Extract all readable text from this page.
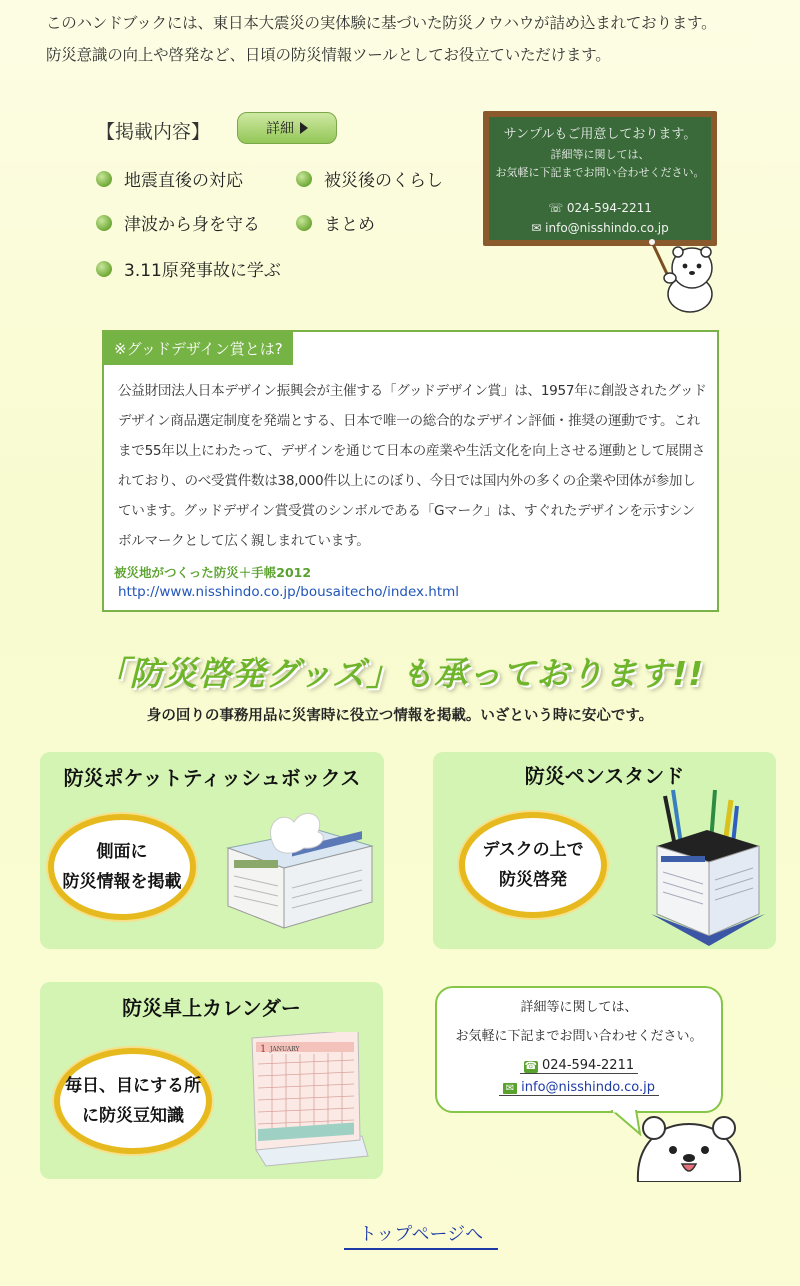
このハンドブックには、東日本大震災の実体験に基づいた防災ノウハウが詰め込まれております。
防災意識の向上や啓発など、日頃の防災情報ツールとしてお役立ていただけます。
【掲載内容】	詳細
地震直後の対応	被災後のくらし
津波から身を守る	まとめ
3.11原発事故に学ぶ
サンプルもご用意しております。
詳細等に関しては、
お気軽に下記までお問い合わせください。
☏ 024-594-2211
✉ info@nisshindo.co.jp
※グッドデザイン賞とは?
公益財団法人日本デザイン振興会が主催する「グッドデザイン賞」は、1957年に創設されたグッドデザイン商品選定制度を発端とする、日本で唯一の総合的なデザイン評価・推奨の運動です。これまで55年以上にわたって、デザインを通じて日本の産業や生活文化を向上させる運動として展開されており、のべ受賞件数は38,000件以上にのぼり、今日では国内外の多くの企業や団体が参加しています。グッドデザイン賞受賞のシンボルである「Gマーク」は、すぐれたデザインを示すシンボルマークとして広く親しまれています。
被災地がつくった防災＋手帳2012
http://www.nisshindo.co.jp/bousaitecho/index.html
「防災啓発グッズ」も承っております!!
身の回りの事務用品に災害時に役立つ情報を掲載。いざという時に安心です。
防災ポケットティッシュボックス
側面に
防災情報を掲載
防災ペンスタンド
デスクの上で
防災啓発
防災卓上カレンダー
毎日、目にする所
に防災豆知識
1 JANUARY
詳細等に関しては、
お気軽に下記までお問い合わせください。
☎ 024-594-2211
✉ info@nisshindo.co.jp
トップページへ
